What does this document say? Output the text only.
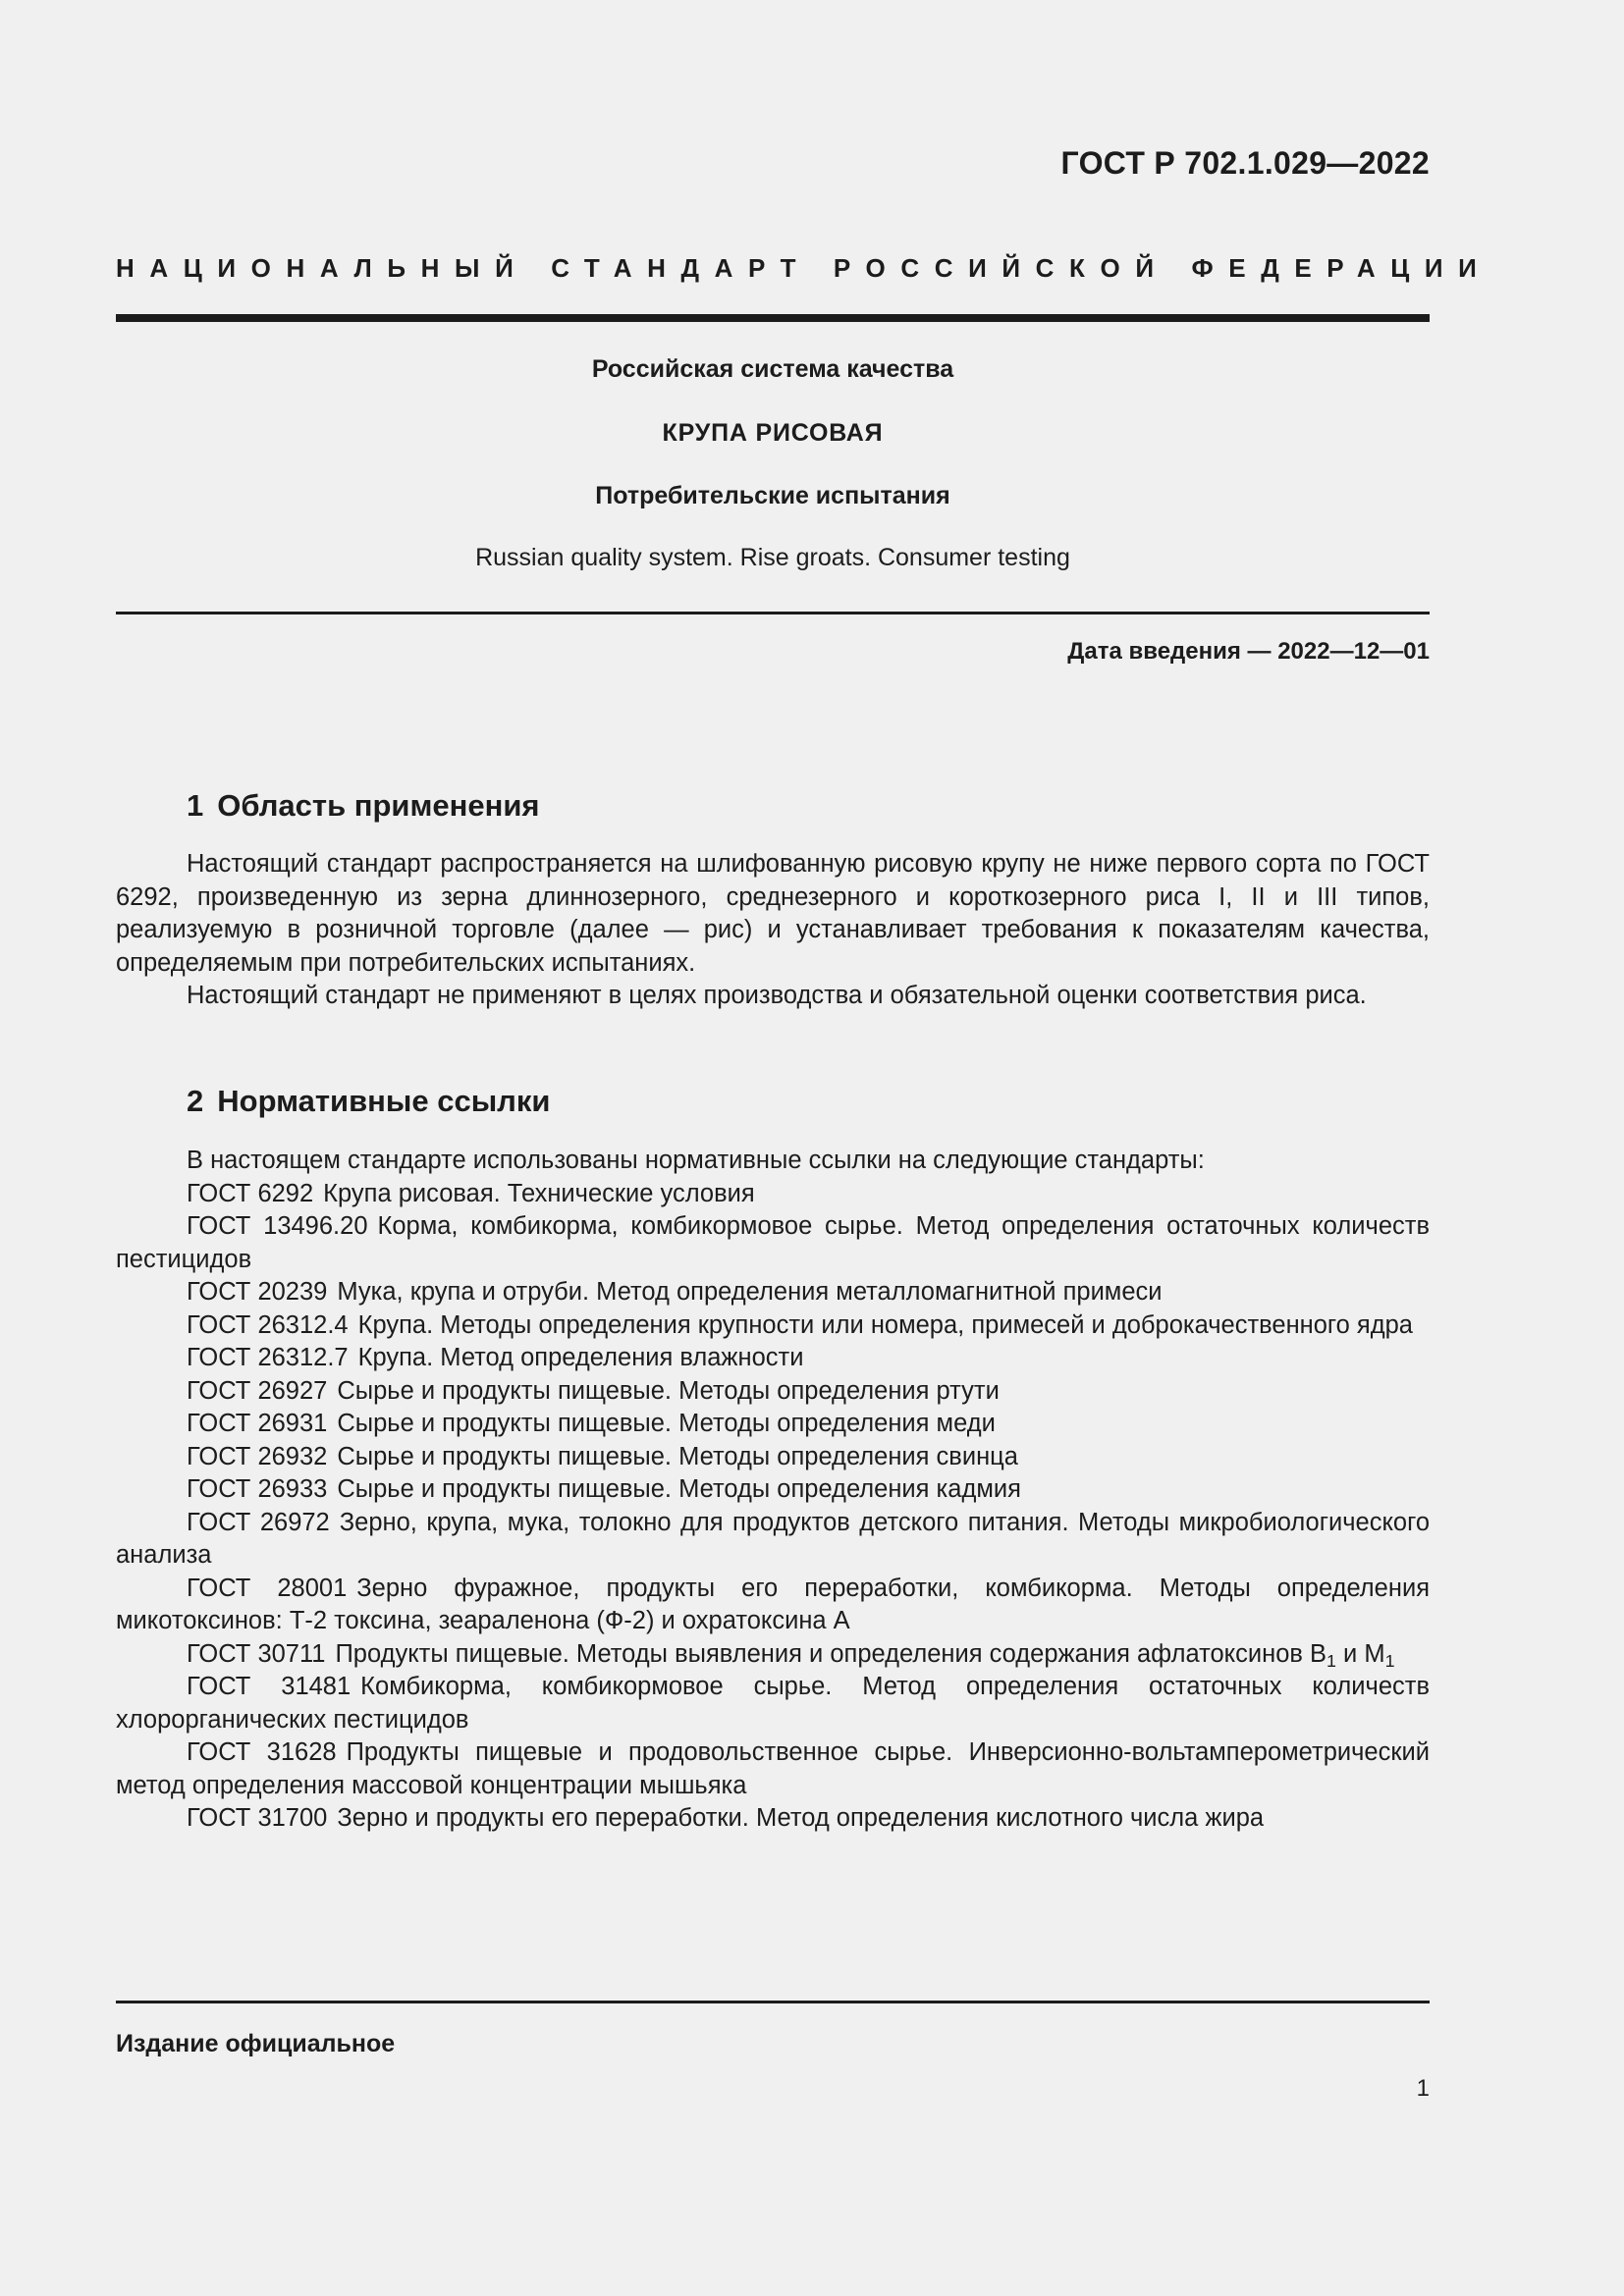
ГОСТ Р 702.1.029—2022
НАЦИОНАЛЬНЫЙ СТАНДАРТ РОССИЙСКОЙ ФЕДЕРАЦИИ
Российская система качества
КРУПА РИСОВАЯ
Потребительские испытания
Russian quality system. Rise groats. Consumer testing
Дата введения — 2022—12—01
1 Область применения

Настоящий стандарт распространяется на шлифованную рисовую крупу не ниже первого сорта по ГОСТ 6292, произведенную из зерна длиннозерного, среднезерного и короткозерного риса I, II и III типов, реализуемую в розничной торговле (далее — рис) и устанавливает требования к показателям качества, определяемым при потребительских испытаниях.

Настоящий стандарт не применяют в целях производства и обязательной оценки соответствия риса.

2 Нормативные ссылки

В настоящем стандарте использованы нормативные ссылки на следующие стандарты:

ГОСТ 6292 Крупа рисовая. Технические условия

ГОСТ 13496.20 Корма, комбикорма, комбикормовое сырье. Метод определения остаточных количеств пестицидов

ГОСТ 20239 Мука, крупа и отруби. Метод определения металломагнитной примеси

ГОСТ 26312.4 Крупа. Методы определения крупности или номера, примесей и доброкачественного ядра

ГОСТ 26312.7 Крупа. Метод определения влажности

ГОСТ 26927 Сырье и продукты пищевые. Методы определения ртути

ГОСТ 26931 Сырье и продукты пищевые. Методы определения меди

ГОСТ 26932 Сырье и продукты пищевые. Методы определения свинца

ГОСТ 26933 Сырье и продукты пищевые. Методы определения кадмия

ГОСТ 26972 Зерно, крупа, мука, толокно для продуктов детского питания. Методы микробиологического анализа

ГОСТ 28001 Зерно фуражное, продукты его переработки, комбикорма. Методы определения микотоксинов: Т-2 токсина, зеараленона (Ф-2) и охратоксина А

ГОСТ 30711 Продукты пищевые. Методы выявления и определения содержания афлатоксинов $B_1$ и $M_1$

ГОСТ 31481 Комбикорма, комбикормовое сырье. Метод определения остаточных количеств хлорорганических пестицидов

ГОСТ 31628 Продукты пищевые и продовольственное сырье. Инверсионно-вольтамперометрический метод определения массовой концентрации мышьяка

ГОСТ 31700 Зерно и продукты его переработки. Метод определения кислотного числа жира

Издание официальное
1
